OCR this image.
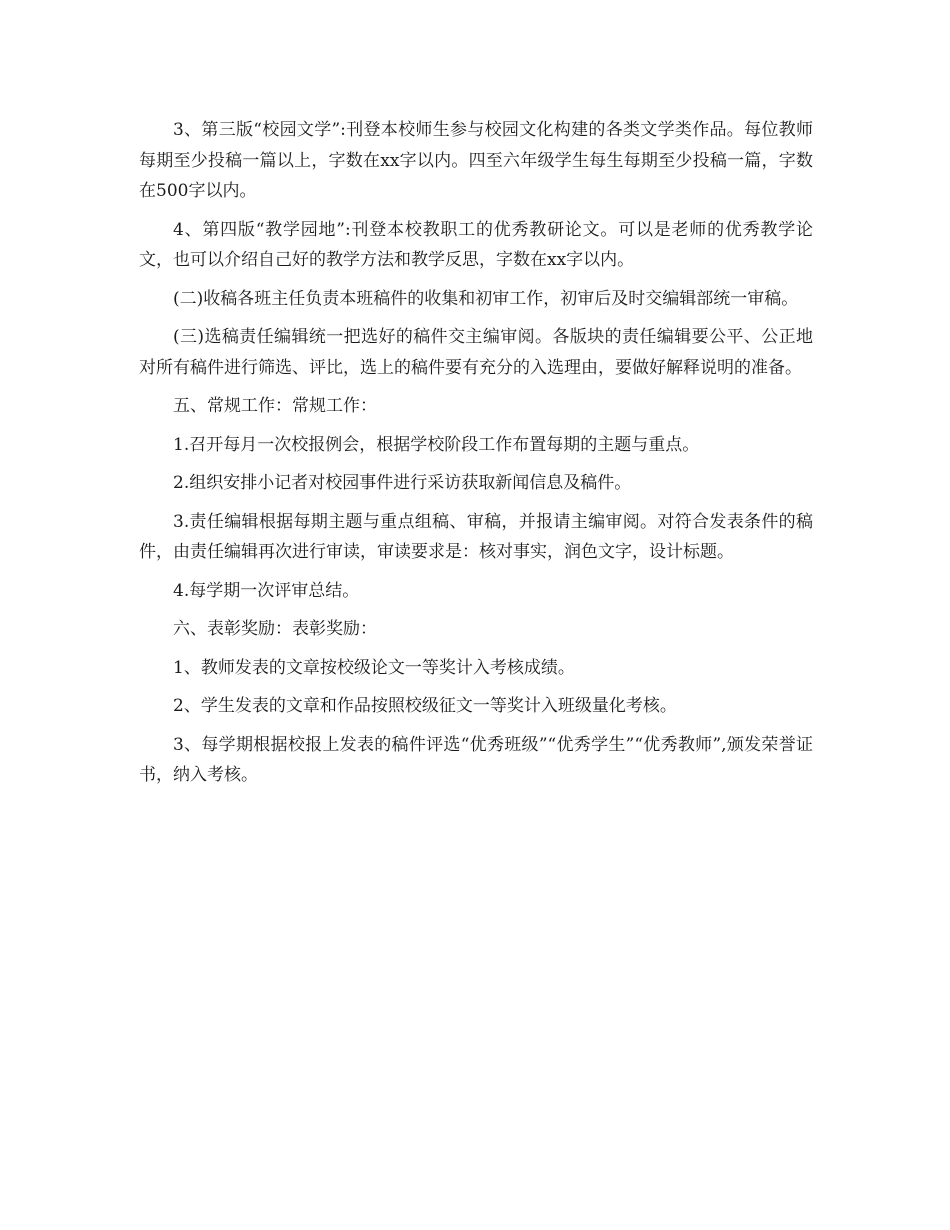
3、第三版“校园文学”:刊登本校师生参与校园文化构建的各类文学类作品。每位教师每期至少投稿一篇以上，字数在xx字以内。四至六年级学生每生每期至少投稿一篇，字数在500字以内。

4、第四版“教学园地”:刊登本校教职工的优秀教研论文。可以是老师的优秀教学论文，也可以介绍自己好的教学方法和教学反思，字数在xx字以内。

(二)收稿各班主任负责本班稿件的收集和初审工作，初审后及时交编辑部统一审稿。

(三)选稿责任编辑统一把选好的稿件交主编审阅。各版块的责任编辑要公平、公正地对所有稿件进行筛选、评比，选上的稿件要有充分的入选理由，要做好解释说明的准备。

五、常规工作：常规工作：

1.召开每月一次校报例会，根据学校阶段工作布置每期的主题与重点。

2.组织安排小记者对校园事件进行采访获取新闻信息及稿件。

3.责任编辑根据每期主题与重点组稿、审稿，并报请主编审阅。对符合发表条件的稿件，由责任编辑再次进行审读，审读要求是：核对事实，润色文字，设计标题。

4.每学期一次评审总结。

六、表彰奖励：表彰奖励：

1、教师发表的文章按校级论文一等奖计入考核成绩。

2、学生发表的文章和作品按照校级征文一等奖计入班级量化考核。

3、每学期根据校报上发表的稿件评选“优秀班级”“优秀学生”“优秀教师”,颁发荣誉证书，纳入考核。
